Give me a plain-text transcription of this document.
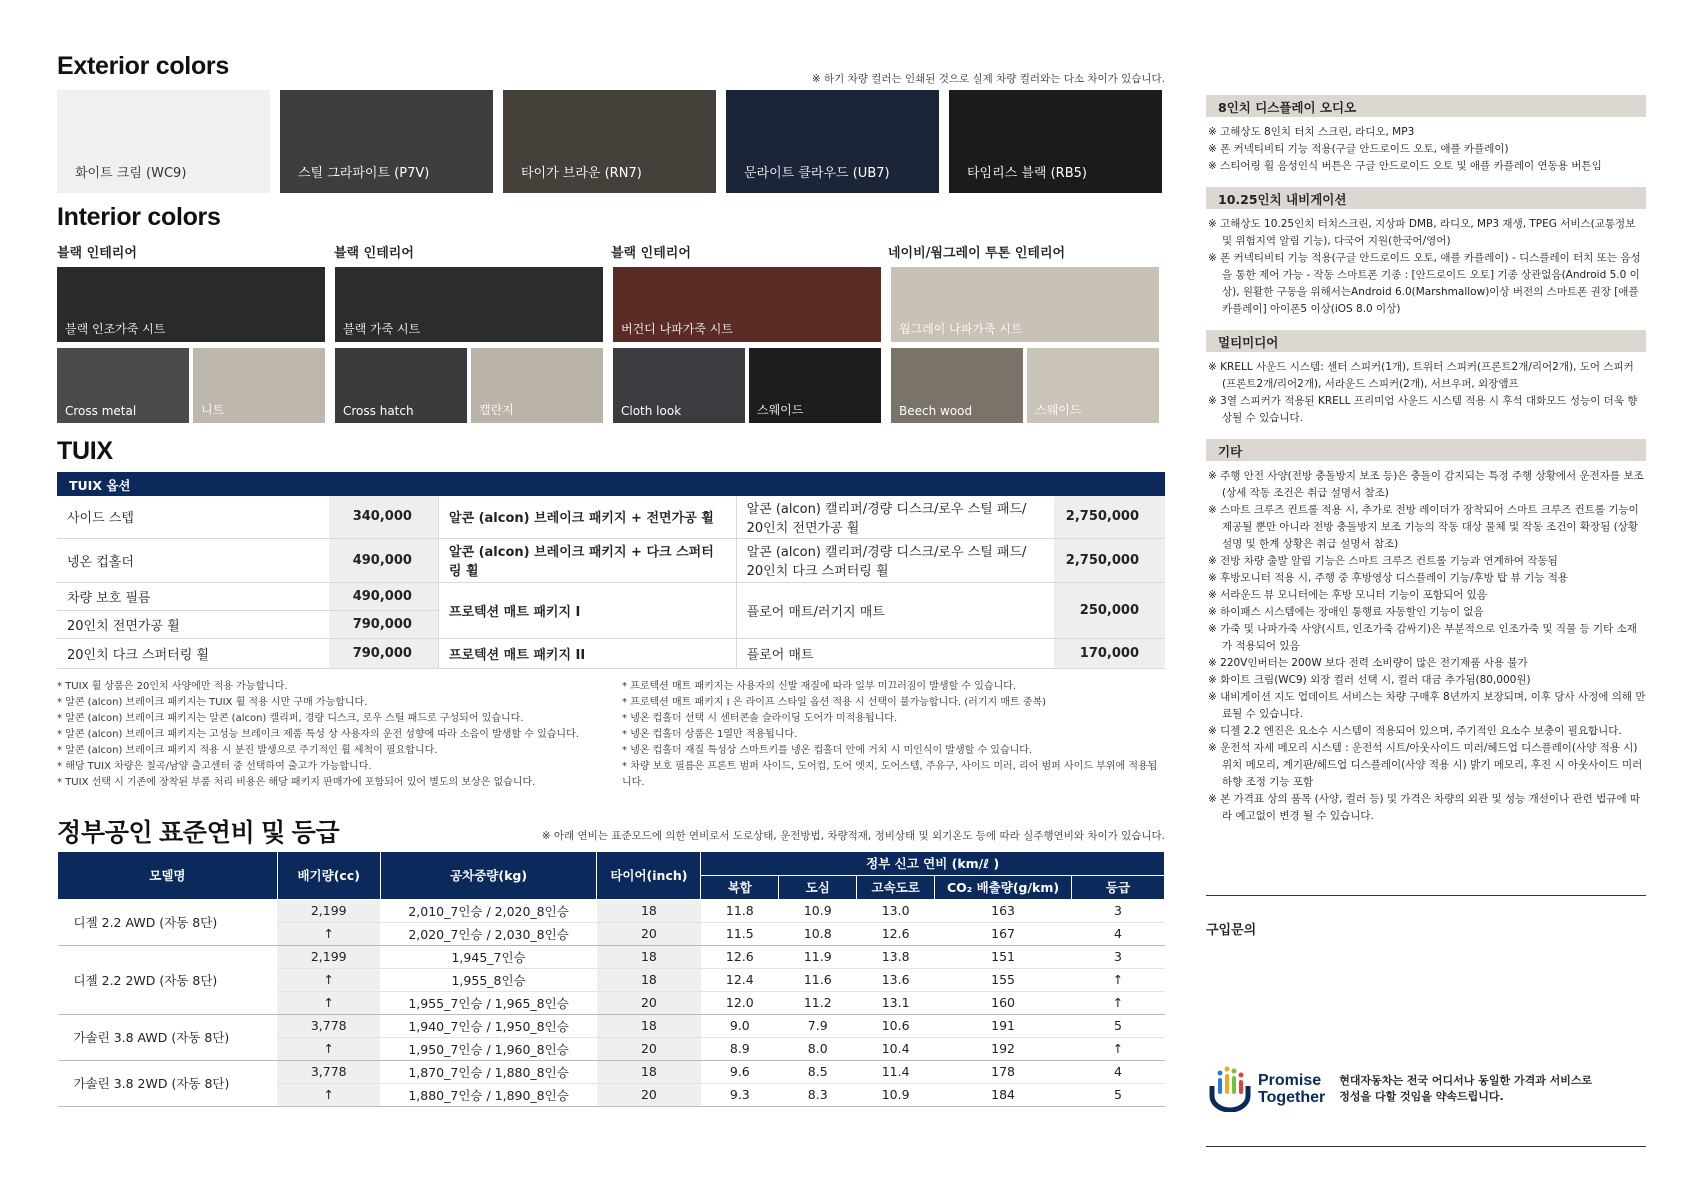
Exterior colors	※ 하기 차량 컬러는 인쇄된 것으로 실제 차량 컬러와는 다소 차이가 있습니다.
화이트 크림 (WC9)	스틸 그라파이트 (P7V)	타이가 브라운 (RN7)	문라이트 클라우드 (UB7)	타임리스 블랙 (RB5)
Interior colors
블랙 인테리어	블랙 인테리어	블랙 인테리어	네이비/웜그레이 투톤 인테리어
블랙 인조가죽 시트
Cross metal	니트
블랙 가죽 시트
Cross hatch	캘란지
버건디 나파가죽 시트
Cloth look	스웨이드
웜그레이 나파가죽 시트
Beech wood	스웨이드
TUIX
TUIX 옵션
사이드 스텝	340,000	알콘 (alcon) 브레이크 패키지 + 전면가공 휠	알콘 (alcon) 캘리퍼/경량 디스크/로우 스틸 패드/ 20인치 전면가공 휠	2,750,000
넹온 컵홀더	490,000	알콘 (alcon) 브레이크 패키지 + 다크 스퍼터링 휠	알콘 (alcon) 캘리퍼/경량 디스크/로우 스틸 패드/ 20인치 다크 스퍼터링 휠	2,750,000
차량 보호 필름	490,000	프로텍션 매트 패키지 I	플로어 매트/러기지 매트	250,000
20인치 전면가공 휠	790,000			
20인치 다크 스퍼터링 휠	790,000	프로텍션 매트 패키지 II	플로어 매트	170,000
* TUIX 휠 상품은 20인치 사양에만 적용 가능합니다.
* 알콘 (alcon) 브레이크 패키지는 TUIX 휠 적용 시만 구매 가능합니다.
* 알콘 (alcon) 브레이크 패키지는 알콘 (alcon) 캘리퍼, 경량 디스크, 로우 스틸 패드로 구성되어 있습니다.
* 알콘 (alcon) 브레이크 패키지는 고성능 브레이크 제품 특성 상 사용자의 운전 성향에 따라 소음이 발생할 수 있습니다.
* 알콘 (alcon) 브레이크 패키지 적용 시 분진 발생으로 주기적인 휠 세척이 필요합니다.
* 해당 TUIX 차량은 칠곡/남양 출고센터 중 선택하여 출고가 가능합니다.
* TUIX 선택 시 기존에 장착된 부품 처리 비용은 해당 패키지 판매가에 포함되어 있어 별도의 보상은 없습니다.
* 프로텍션 매트 패키지는 사용자의 신발 재질에 따라 일부 미끄러짐이 발생할 수 있습니다.
* 프로텍션 매트 패키지 I 은 라이프 스타일 옵션 적용 시 선택이 불가능합니다. (러기지 매트 중복)
* 넹온 컵홀더 선택 시 센터콘솔 슬라이딩 도어가 미적용됩니다.
* 넹온 컵홀더 상품은 1열만 적용됩니다.
* 넹온 컵홀더 재질 특성상 스마트키를 넹온 컵홀더 안에 거치 시 미인식이 발생할 수 있습니다.
* 차량 보호 필름은 프론트 범퍼 사이드, 도어컵, 도어 엣지, 도어스텝, 주유구, 사이드 미러, 리어 범퍼 사이드 부위에 적용됩니다.
정부공인 표준연비 및 등급	※ 아래 연비는 표준모드에 의한 연비로서 도로상태, 운전방법, 차량적재, 정비상태 및 외기온도 등에 따라 실주행연비와 차이가 있습니다.
모델명	배기량(cc)	공차중량(kg)	타이어(inch)	정부 신고 연비 (km/ℓ )				
				복합	도심	고속도로	CO₂ 배출량(g/km)	등급
디젤 2.2 AWD (자동 8단)	2,199	2,010_7인승 / 2,020_8인승	18	11.8	10.9	13.0	163	3
	↑	2,020_7인승 / 2,030_8인승	20	11.5	10.8	12.6	167	4
디젤 2.2 2WD (자동 8단)	2,199	1,945_7인승	18	12.6	11.9	13.8	151	3
	↑	1,955_8인승	18	12.4	11.6	13.6	155	↑
	↑	1,955_7인승 / 1,965_8인승	20	12.0	11.2	13.1	160	↑
가솔린 3.8 AWD (자동 8단)	3,778	1,940_7인승 / 1,950_8인승	18	9.0	7.9	10.6	191	5
	↑	1,950_7인승 / 1,960_8인승	20	8.9	8.0	10.4	192	↑
가솔린 3.8 2WD (자동 8단)	3,778	1,870_7인승 / 1,880_8인승	18	9.6	8.5	11.4	178	4
	↑	1,880_7인승 / 1,890_8인승	20	9.3	8.3	10.9	184	5
8인치 디스플레이 오디오
※ 고해상도 8인치 터치 스크린, 라디오, MP3
※ 폰 커넥티비티 기능 적용(구글 안드로이드 오토, 애플 카플레이)
※ 스티어링 휠 음성인식 버튼은 구글 안드로이드 오토 및 애플 카플레이 연동용 버튼임
10.25인치 내비게이션
※ 고해상도 10.25인치 터치스크린, 지상파 DMB, 라디오, MP3 재생, TPEG 서비스(교통정보 및 위험지역 알림 기능), 다국어 지원(한국어/영어)
※ 폰 커넥티비티 기능 적용(구글 안드로이드 오토, 애플 카플레이) - 디스플레이 터치 또는 음성을 통한 제어 가능 - 작동 스마트폰 기종 : [안드로이드 오토] 기종 상관없음(Android 5.0 이상), 원활한 구동을 위해서는Android 6.0(Marshmallow)이상 버전의 스마트폰 권장 [애플 카플레이] 아이폰5 이상(iOS 8.0 이상)
멀티미디어
※ KRELL 사운드 시스템: 센터 스피커(1개), 트위터 스피커(프론트2개/리어2개), 도어 스피커(프론트2개/리어2개), 서라운드 스피커(2개), 서브우퍼, 외장앰프
※ 3열 스피커가 적용된 KRELL 프리미엄 사운드 시스템 적용 시 후석 대화모드 성능이 더욱 향상될 수 있습니다.
기타
※ 주행 안전 사양(전방 충돌방지 보조 등)은 충돌이 감지되는 특정 주행 상황에서 운전자를 보조 (상세 작동 조건은 취급 설명서 참조)
※ 스마트 크루즈 컨트롤 적용 시, 추가로 전방 레이더가 장착되어 스마트 크루즈 컨트롤 기능이 제공될 뿐만 아니라 전방 충돌방지 보조 기능의 작동 대상 물체 및 작동 조건이 확장됨 (상황 설명 및 한계 상황은 취급 설명서 참조)
※ 전방 차량 출발 알림 기능은 스마트 크루즈 컨트롤 기능과 연계하여 작동됨
※ 후방모니터 적용 시, 주행 중 후방영상 디스플레이 기능/후방 탑 뷰 기능 적용
※ 서라운드 뷰 모니터에는 후방 모니터 기능이 포함되어 있음
※ 하이패스 시스템에는 장애인 통행료 자동할인 기능이 없음
※ 가죽 및 나파가죽 사양(시트, 인조가죽 감싸기)은 부분적으로 인조가죽 및 직물 등 기타 소재가 적용되어 있음
※ 220V인버터는 200W 보다 전력 소비량이 많은 전기제품 사용 불가
※ 화이트 크림(WC9) 외장 컬러 선택 시, 컬러 대금 추가됨(80,000원)
※ 내비게이션 지도 업데이트 서비스는 차량 구매후 8년까지 보장되며, 이후 당사 사정에 의해 만료될 수 있습니다.
※ 디젤 2.2 엔진은 요소수 시스템이 적용되어 있으며, 주기적인 요소수 보충이 필요합니다.
※ 운전석 자세 메모리 시스템 : 운전석 시트/아웃사이드 미러/헤드업 디스플레이(사양 적용 시) 위치 메모리, 계기판/헤드업 디스플레이(사양 적용 시) 밝기 메모리, 후진 시 아웃사이드 미러 하향 조정 기능 포함
※ 본 가격표 상의 품목 (사양, 컬러 등) 및 가격은 차량의 외관 및 성능 개선이나 관련 법규에 따라 예고없이 변경 될 수 있습니다.
구입문의
Promise
Together
현대자동차는 전국 어디서나 동일한 가격과 서비스로
정성을 다할 것임을 약속드립니다.
